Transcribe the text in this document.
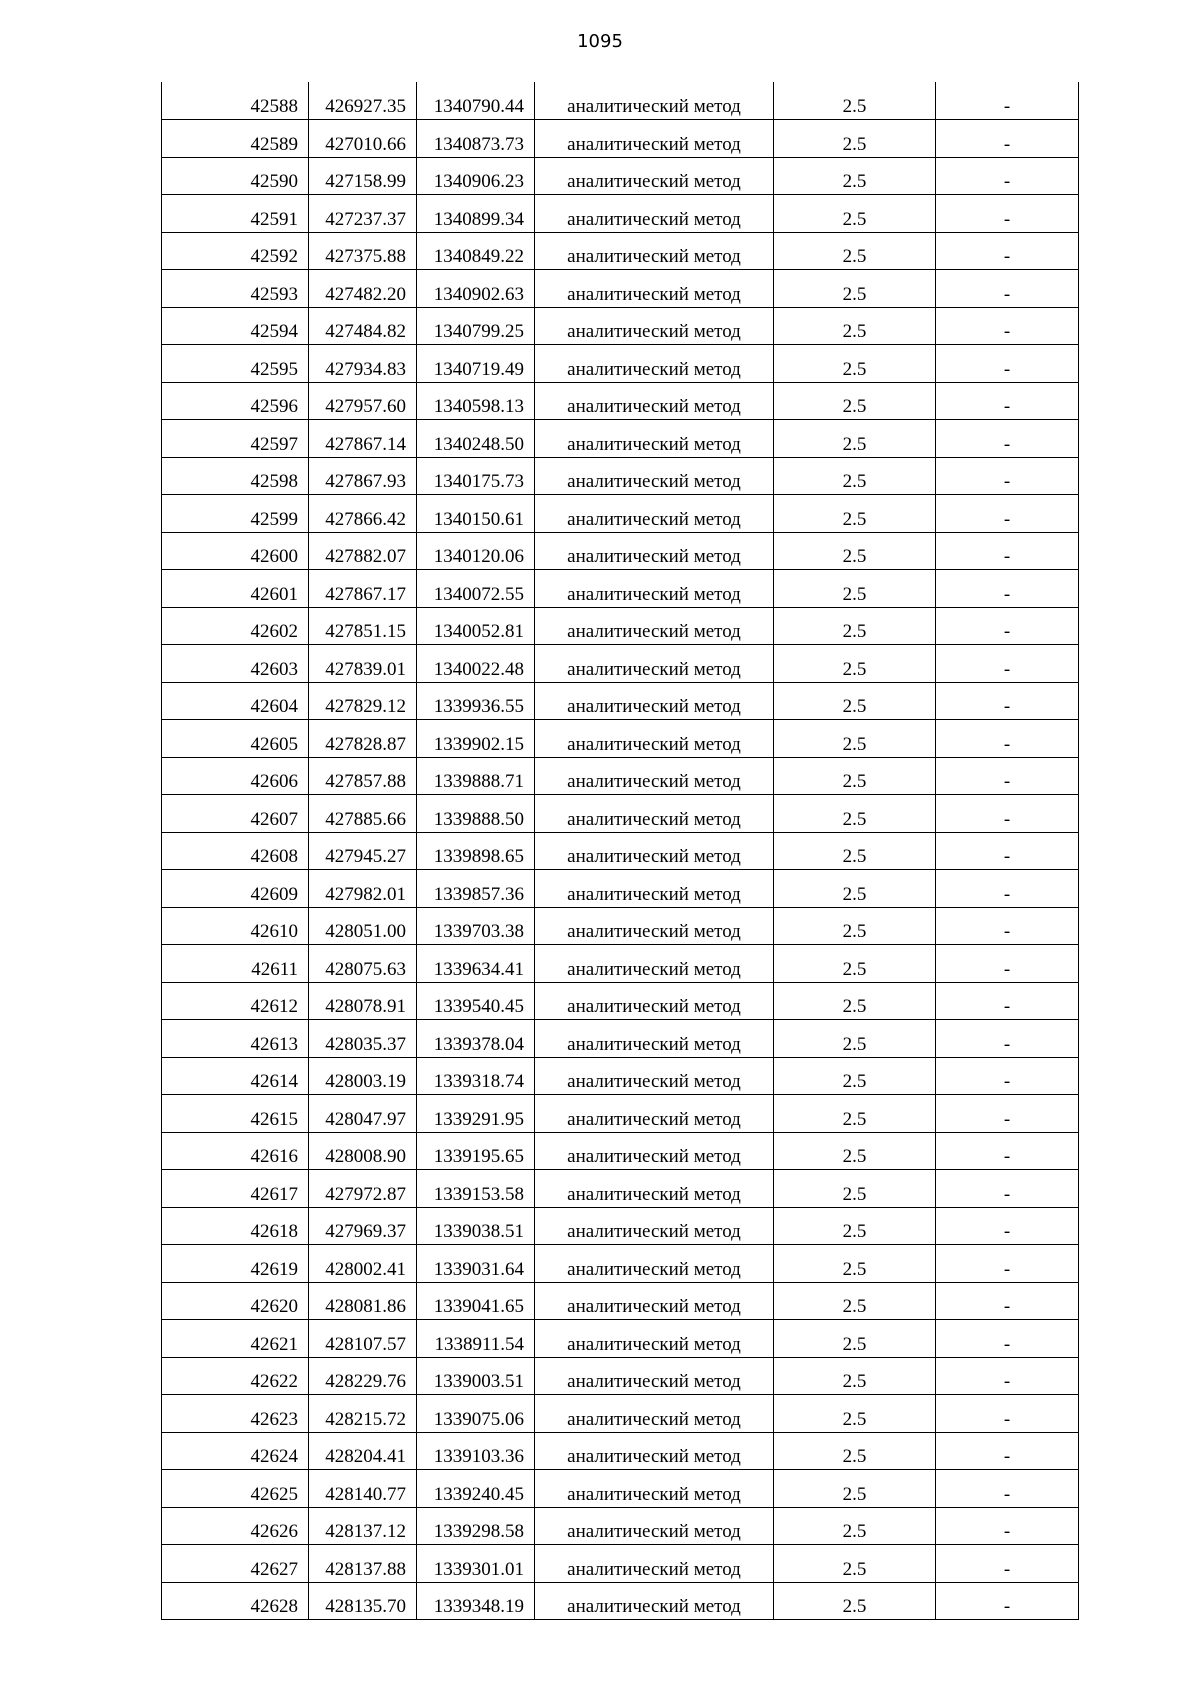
1095
42588	426927.35	1340790.44	аналитический метод	2.5	-
42589	427010.66	1340873.73	аналитический метод	2.5	-
42590	427158.99	1340906.23	аналитический метод	2.5	-
42591	427237.37	1340899.34	аналитический метод	2.5	-
42592	427375.88	1340849.22	аналитический метод	2.5	-
42593	427482.20	1340902.63	аналитический метод	2.5	-
42594	427484.82	1340799.25	аналитический метод	2.5	-
42595	427934.83	1340719.49	аналитический метод	2.5	-
42596	427957.60	1340598.13	аналитический метод	2.5	-
42597	427867.14	1340248.50	аналитический метод	2.5	-
42598	427867.93	1340175.73	аналитический метод	2.5	-
42599	427866.42	1340150.61	аналитический метод	2.5	-
42600	427882.07	1340120.06	аналитический метод	2.5	-
42601	427867.17	1340072.55	аналитический метод	2.5	-
42602	427851.15	1340052.81	аналитический метод	2.5	-
42603	427839.01	1340022.48	аналитический метод	2.5	-
42604	427829.12	1339936.55	аналитический метод	2.5	-
42605	427828.87	1339902.15	аналитический метод	2.5	-
42606	427857.88	1339888.71	аналитический метод	2.5	-
42607	427885.66	1339888.50	аналитический метод	2.5	-
42608	427945.27	1339898.65	аналитический метод	2.5	-
42609	427982.01	1339857.36	аналитический метод	2.5	-
42610	428051.00	1339703.38	аналитический метод	2.5	-
42611	428075.63	1339634.41	аналитический метод	2.5	-
42612	428078.91	1339540.45	аналитический метод	2.5	-
42613	428035.37	1339378.04	аналитический метод	2.5	-
42614	428003.19	1339318.74	аналитический метод	2.5	-
42615	428047.97	1339291.95	аналитический метод	2.5	-
42616	428008.90	1339195.65	аналитический метод	2.5	-
42617	427972.87	1339153.58	аналитический метод	2.5	-
42618	427969.37	1339038.51	аналитический метод	2.5	-
42619	428002.41	1339031.64	аналитический метод	2.5	-
42620	428081.86	1339041.65	аналитический метод	2.5	-
42621	428107.57	1338911.54	аналитический метод	2.5	-
42622	428229.76	1339003.51	аналитический метод	2.5	-
42623	428215.72	1339075.06	аналитический метод	2.5	-
42624	428204.41	1339103.36	аналитический метод	2.5	-
42625	428140.77	1339240.45	аналитический метод	2.5	-
42626	428137.12	1339298.58	аналитический метод	2.5	-
42627	428137.88	1339301.01	аналитический метод	2.5	-
42628	428135.70	1339348.19	аналитический метод	2.5	-
